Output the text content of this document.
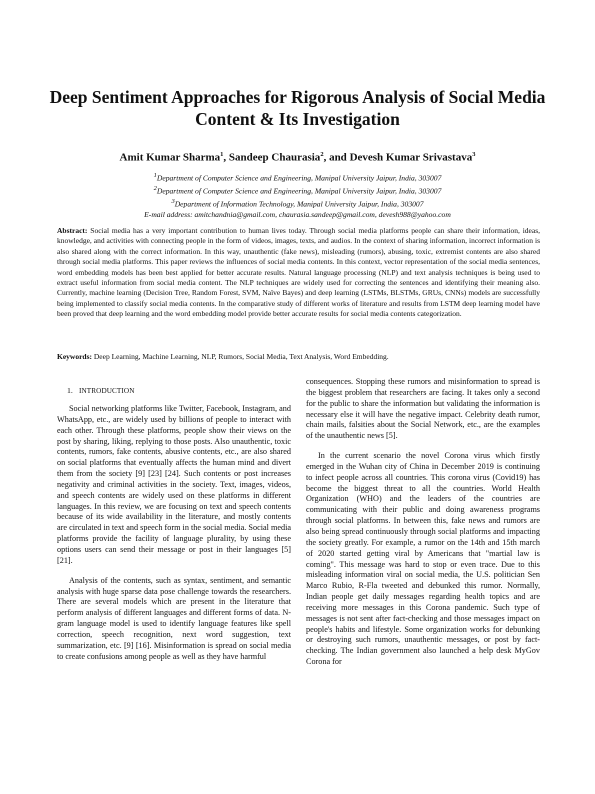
Deep Sentiment Approaches for Rigorous Analysis of Social Media Content & Its Investigation
Amit Kumar Sharma$^1$, Sandeep Chaurasia$^2$, and Devesh Kumar Srivastava$^3$
$^1$Department of Computer Science and Engineering, Manipal University Jaipur, India, 303007
$^2$Department of Computer Science and Engineering, Manipal University Jaipur, India, 303007
$^3$Department of Information Technology, Manipal University Jaipur, India, 303007
E-mail address: amitchandnia@gmail.com, chaurasia.sandeep@gmail.com, devesh988@yahoo.com
Abstract: Social media has a very important contribution to human lives today. Through social media platforms people can share their information, ideas, knowledge, and activities with connecting people in the form of videos, images, texts, and audios. In the context of sharing information, incorrect information is also shared along with the correct information. In this way, unauthentic (fake news), misleading (rumors), abusing, toxic, extremist contents are also shared through social media platforms. This paper reviews the influences of social media contents. In this context, vector representation of the social media sentences, word embedding models has been best applied for better accurate results. Natural language processing (NLP) and text analysis techniques is being used to extract useful information from social media content. The NLP techniques are widely used for correcting the sentences and identifying their meaning also. Currently, machine learning (Decision Tree, Random Forest, SVM, Naïve Bayes) and deep learning (LSTMs, BLSTMs, GRUs, CNNs) models are successfully being implemented to classify social media contents. In the comparative study of different works of literature and results from LSTM deep learning model have been proved that deep learning and the word embedding model provide better accurate results for social media contents categorization.
Keywords: Deep Learning, Machine Learning, NLP, Rumors, Social Media, Text Analysis, Word Embedding.
1. INTRODUCTION

Social networking platforms like Twitter, Facebook, Instagram, and WhatsApp, etc., are widely used by billions of people to interact with each other. Through these platforms, people show their views on the post by sharing, liking, replying to those posts. Also unauthentic, toxic contents, rumors, fake contents, abusive contents, etc., are also shared on social platforms that eventually affects the human mind and divert them from the society [9] [23] [24]. Such contents or post increases negativity and criminal activities in the society. Text, images, videos, and speech contents are widely used on these platforms in different languages. In this review, we are focusing on text and speech contents because of its wide availability in the literature, and mostly contents are circulated in text and speech form in the social media. Social media platforms provide the facility of language plurality, by using these options users can send their message or post in their languages [5] [21].

Analysis of the contents, such as syntax, sentiment, and semantic analysis with huge sparse data pose challenge towards the researchers. There are several models which are present in the literature that perform analysis of different languages and different forms of data. N-gram language model is used to identify language features like spell correction, speech recognition, next word suggestion, text summarization, etc. [9] [16]. Misinformation is spread on social media to create confusions among people as well as they have harmful

consequences. Stopping these rumors and misinformation to spread is the biggest problem that researchers are facing. It takes only a second for the public to share the information but validating the information is necessary else it will have the negative impact. Celebrity death rumor, chain mails, falsities about the Social Network, etc., are the examples of the unauthentic news [5].

In the current scenario the novel Corona virus which firstly emerged in the Wuhan city of China in December 2019 is continuing to infect people across all countries. This corona virus (Covid19) has become the biggest threat to all the countries. World Health Organization (WHO) and the leaders of the countries are communicating with their public and doing awareness programs through social platforms. In between this, fake news and rumors are also being spread continuously through social platforms and impacting the society greatly. For example, a rumor on the 14th and 15th march of 2020 started getting viral by Americans that "martial law is coming". This message was hard to stop or even trace. Due to this misleading information viral on social media, the U.S. politician Sen Marco Rubio, R-Fla tweeted and debunked this rumor. Normally, Indian people get daily messages regarding health topics and are receiving more messages in this Corona pandemic. Such type of messages is not sent after fact-checking and those messages impact on people's habits and lifestyle. Some organization works for debunking or destroying such rumors, unauthentic messages, or post by fact-checking. The Indian government also launched a help desk MyGov Corona for
